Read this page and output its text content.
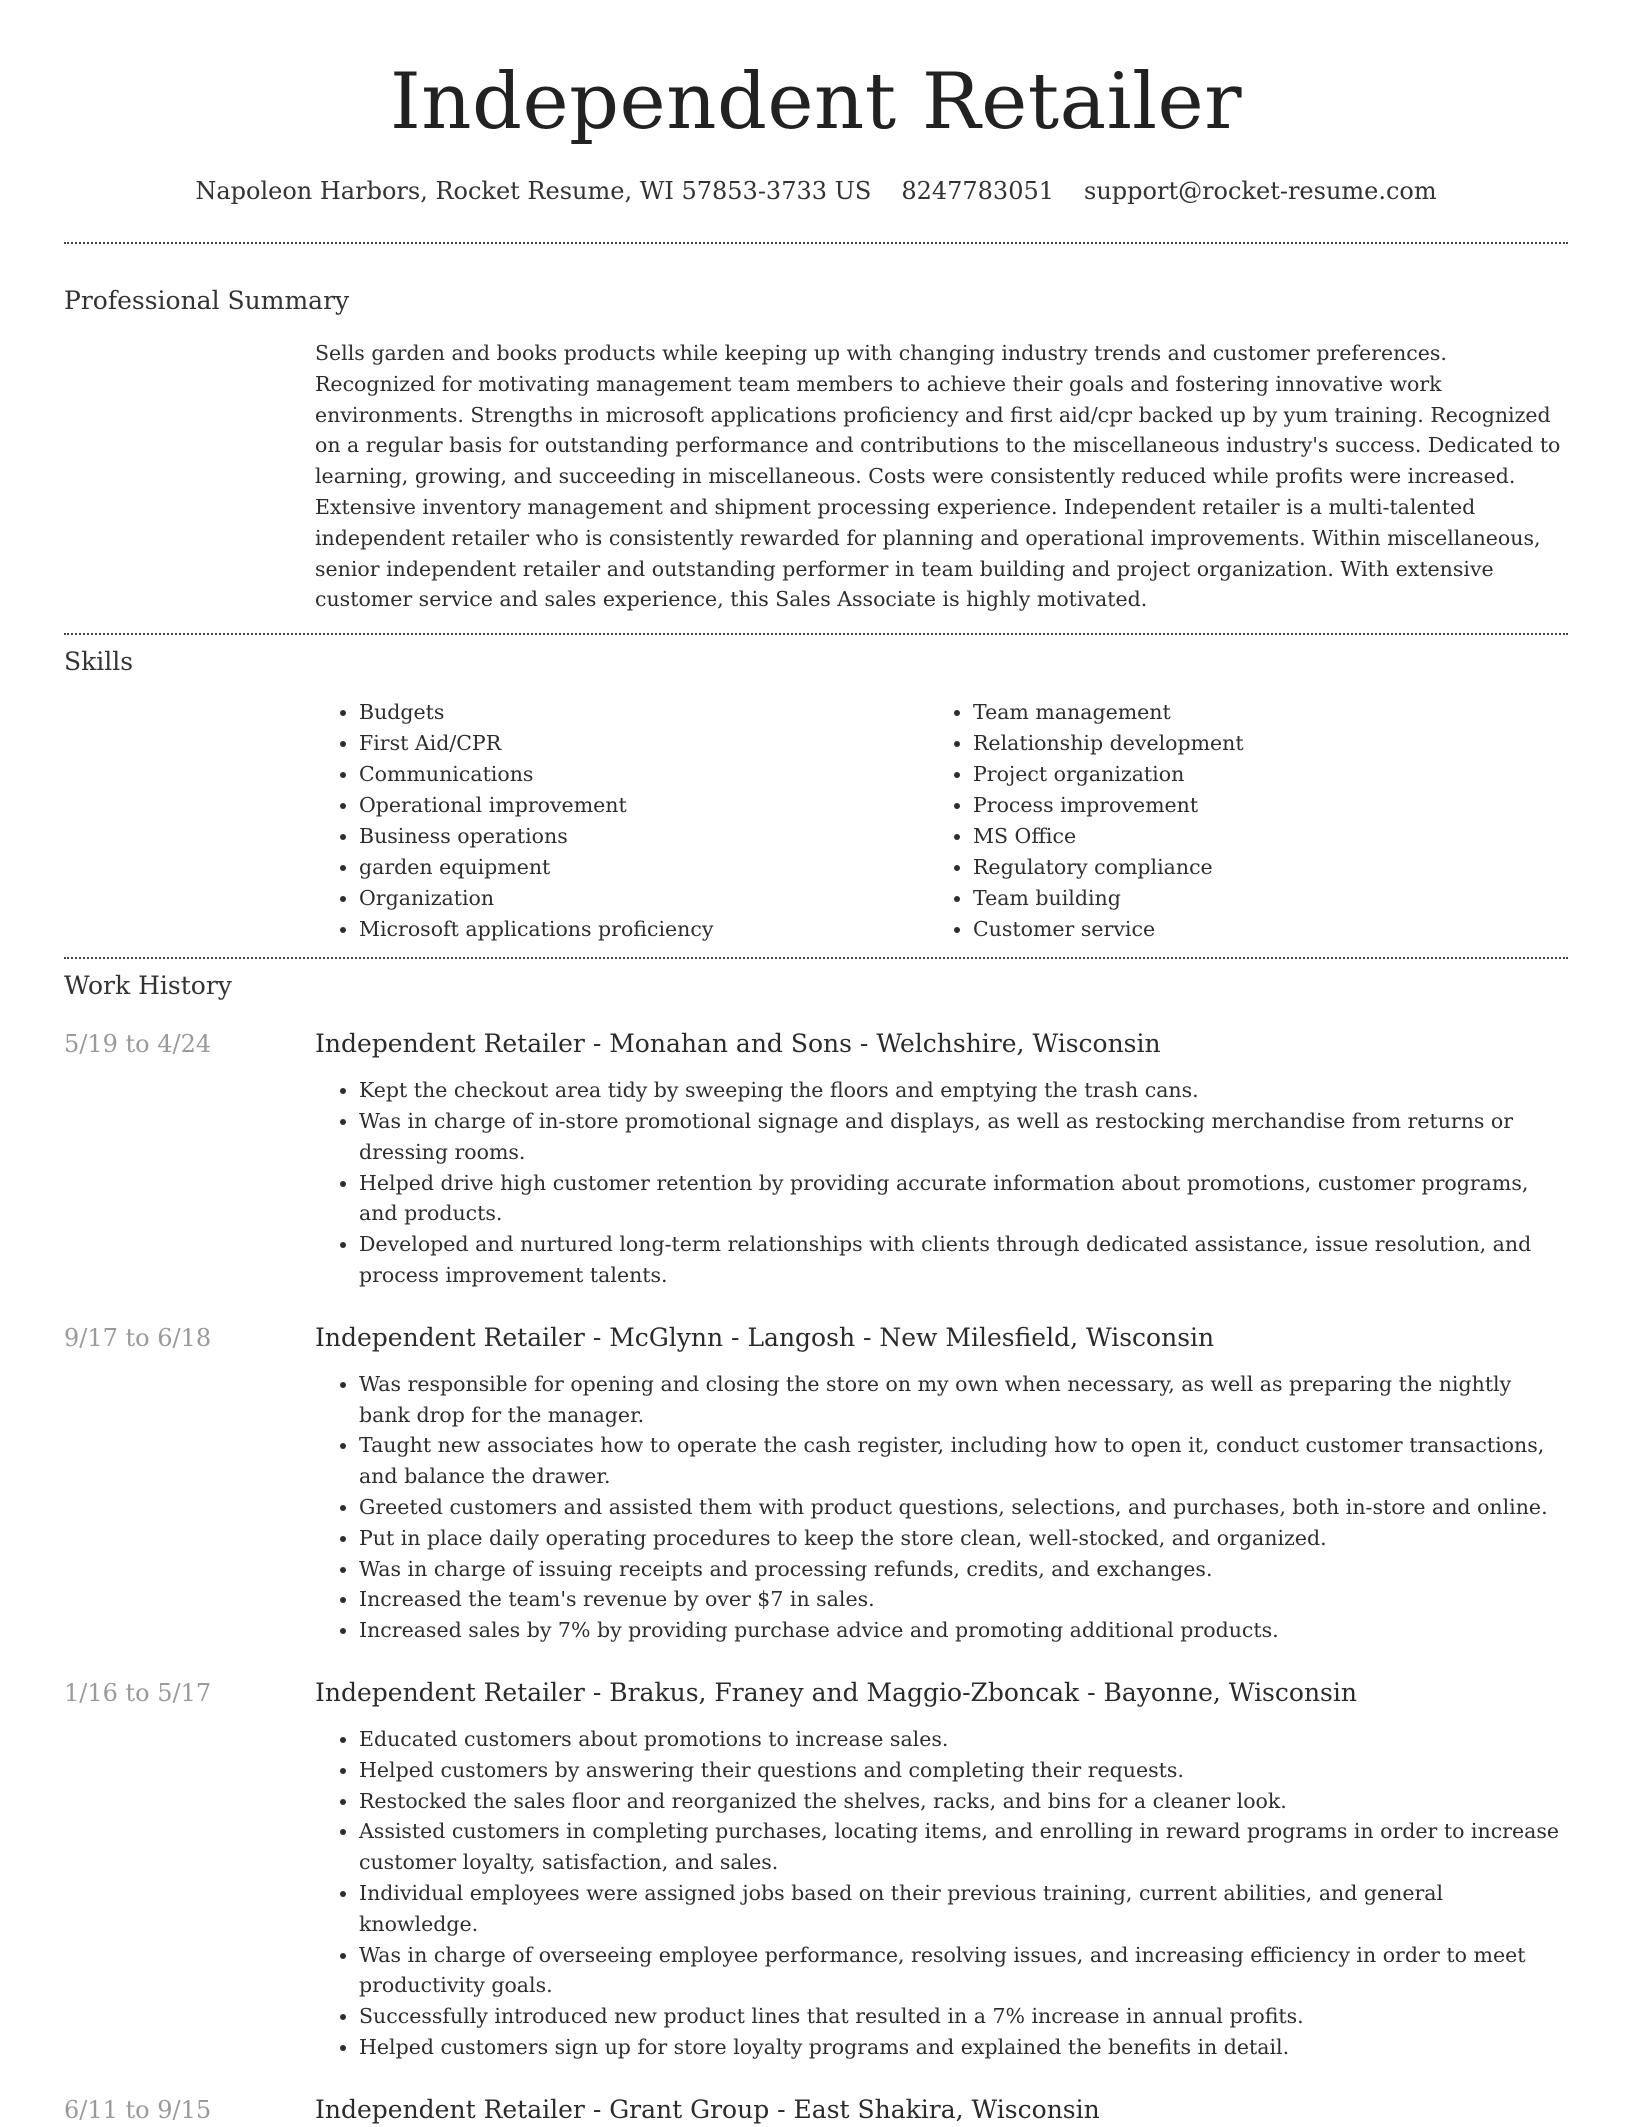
Independent Retailer
Napoleon Harbors, Rocket Resume, WI 57853-3733 US 8247783051 support@rocket-resume.com
Professional Summary
Sells garden and books products while keeping up with changing industry trends and customer preferences. Recognized for motivating management team members to achieve their goals and fostering innovative work environments. Strengths in microsoft applications proficiency and first aid/cpr backed up by yum training. Recognized on a regular basis for outstanding performance and contributions to the miscellaneous industry's success. Dedicated to learning, growing, and succeeding in miscellaneous. Costs were consistently reduced while profits were increased. Extensive inventory management and shipment processing experience. Independent retailer is a multi-talented independent retailer who is consistently rewarded for planning and operational improvements. Within miscellaneous, senior independent retailer and outstanding performer in team building and project organization. With extensive customer service and sales experience, this Sales Associate is highly motivated.
Skills
• Budgets
• First Aid/CPR
• Communications
• Operational improvement
• Business operations
• garden equipment
• Organization
• Microsoft applications proficiency
• Team management
• Relationship development
• Project organization
• Process improvement
• MS Office
• Regulatory compliance
• Team building
• Customer service
Work History
5/19 to 4/24	Independent Retailer - Monahan and Sons - Welchshire, Wisconsin
• Kept the checkout area tidy by sweeping the floors and emptying the trash cans.
• Was in charge of in-store promotional signage and displays, as well as restocking merchandise from returns or dressing rooms.
• Helped drive high customer retention by providing accurate information about promotions, customer programs, and products.
• Developed and nurtured long-term relationships with clients through dedicated assistance, issue resolution, and process improvement talents.
9/17 to 6/18	Independent Retailer - McGlynn - Langosh - New Milesfield, Wisconsin
• Was responsible for opening and closing the store on my own when necessary, as well as preparing the nightly bank drop for the manager.
• Taught new associates how to operate the cash register, including how to open it, conduct customer transactions, and balance the drawer.
• Greeted customers and assisted them with product questions, selections, and purchases, both in-store and online.
• Put in place daily operating procedures to keep the store clean, well-stocked, and organized.
• Was in charge of issuing receipts and processing refunds, credits, and exchanges.
• Increased the team's revenue by over $7 in sales.
• Increased sales by 7% by providing purchase advice and promoting additional products.
1/16 to 5/17	Independent Retailer - Brakus, Franey and Maggio-Zboncak - Bayonne, Wisconsin
• Educated customers about promotions to increase sales.
• Helped customers by answering their questions and completing their requests.
• Restocked the sales floor and reorganized the shelves, racks, and bins for a cleaner look.
• Assisted customers in completing purchases, locating items, and enrolling in reward programs in order to increase customer loyalty, satisfaction, and sales.
• Individual employees were assigned jobs based on their previous training, current abilities, and general knowledge.
• Was in charge of overseeing employee performance, resolving issues, and increasing efficiency in order to meet productivity goals.
• Successfully introduced new product lines that resulted in a 7% increase in annual profits.
• Helped customers sign up for store loyalty programs and explained the benefits in detail.
6/11 to 9/15	Independent Retailer - Grant Group - East Shakira, Wisconsin
